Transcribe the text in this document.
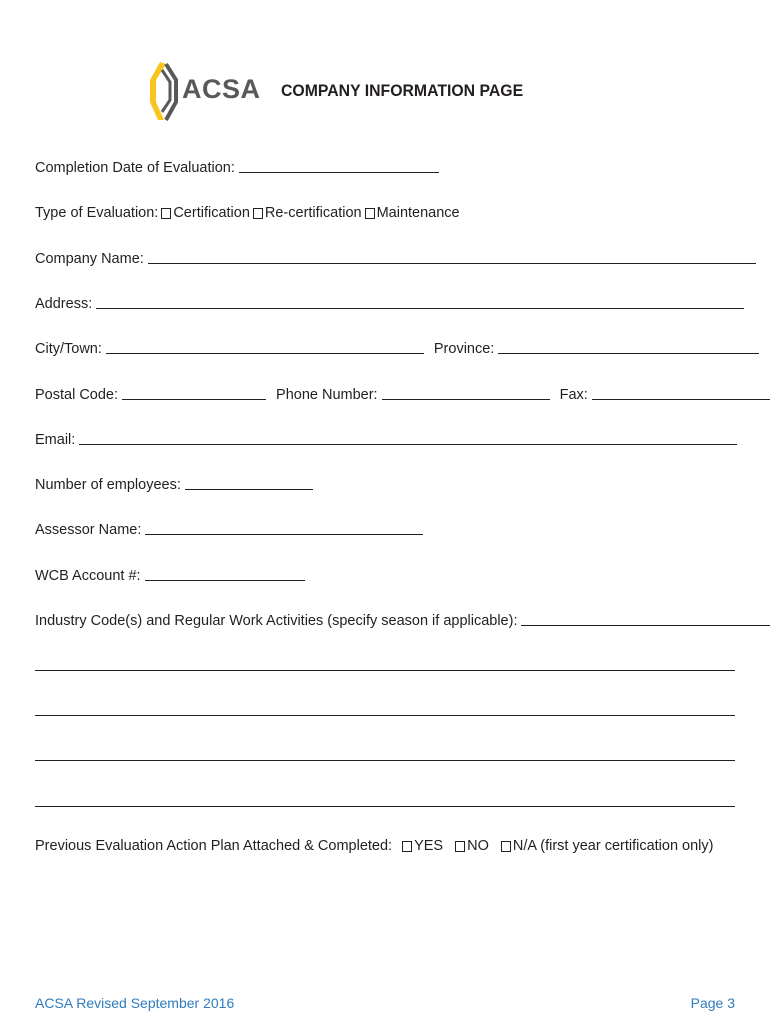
ACSA COMPANY INFORMATION PAGE
Completion Date of Evaluation:
Type of Evaluation: Certification Re-certification Maintenance
Company Name:
Address:
City/Town:	Province:
Postal Code:	Phone Number:	Fax:
Email:
Number of employees:
Assessor Name:
WCB Account #:
Industry Code(s) and Regular Work Activities (specify season if applicable):
Previous Evaluation Action Plan Attached & Completed: YES NO N/A (first year certification only)
ACSA Revised September 2016	Page 3
